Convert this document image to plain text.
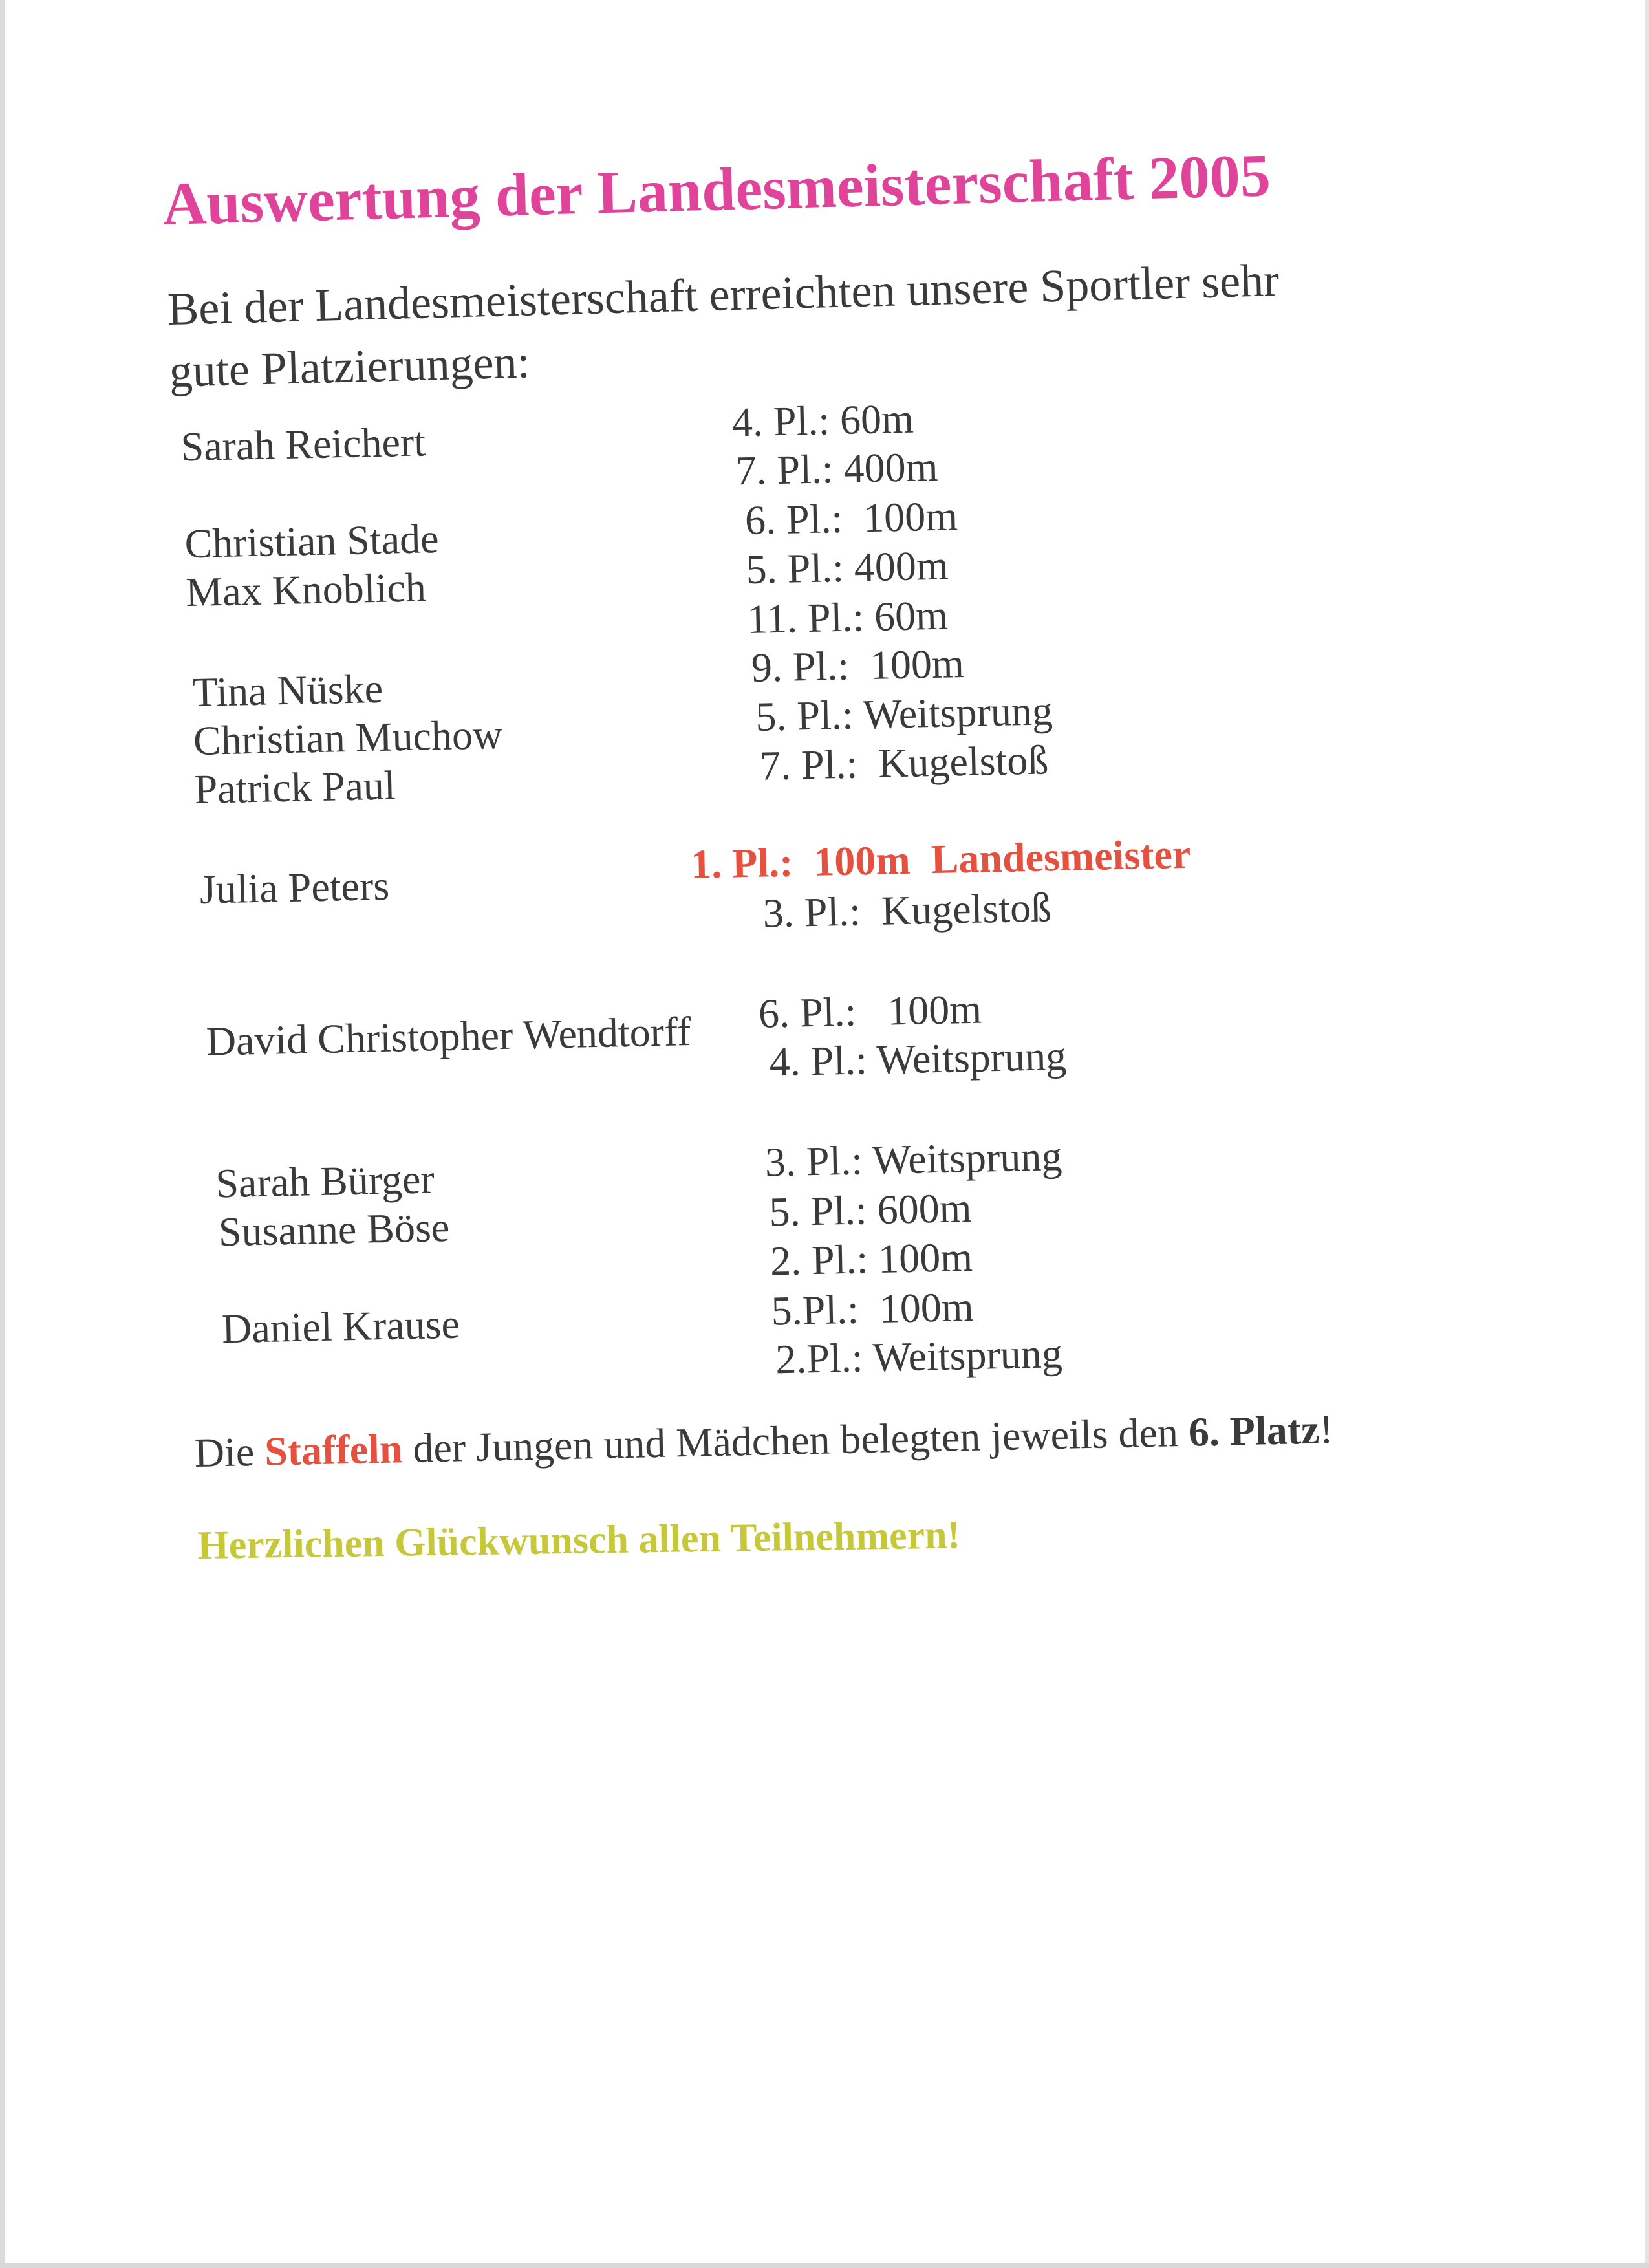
Auswertung der Landesmeisterschaft 2005
Bei der Landesmeisterschaft erreichten unsere Sportler sehr gute Platzierungen:
Sarah Reichert
Christian Stade
Max Knoblich
Tina Nüske
Christian Muchow
Patrick Paul
Julia Peters
David Christopher Wendtorff
Sarah Bürger
Susanne Böse
Daniel Krause
4. Pl.: 60m
7. Pl.: 400m
6. Pl.:  100m
5. Pl.: 400m
11. Pl.: 60m
9. Pl.:  100m
5. Pl.: Weitsprung
7. Pl.:  Kugelstoß
1. Pl.:  100m  Landesmeister
3. Pl.:  Kugelstoß
6. Pl.:   100m
4. Pl.: Weitsprung
3. Pl.: Weitsprung
5. Pl.: 600m
2. Pl.: 100m
5.Pl.:  100m
2.Pl.: Weitsprung
Die Staffeln der Jungen und Mädchen belegten jeweils den 6. Platz!
Herzlichen Glückwunsch allen Teilnehmern!
